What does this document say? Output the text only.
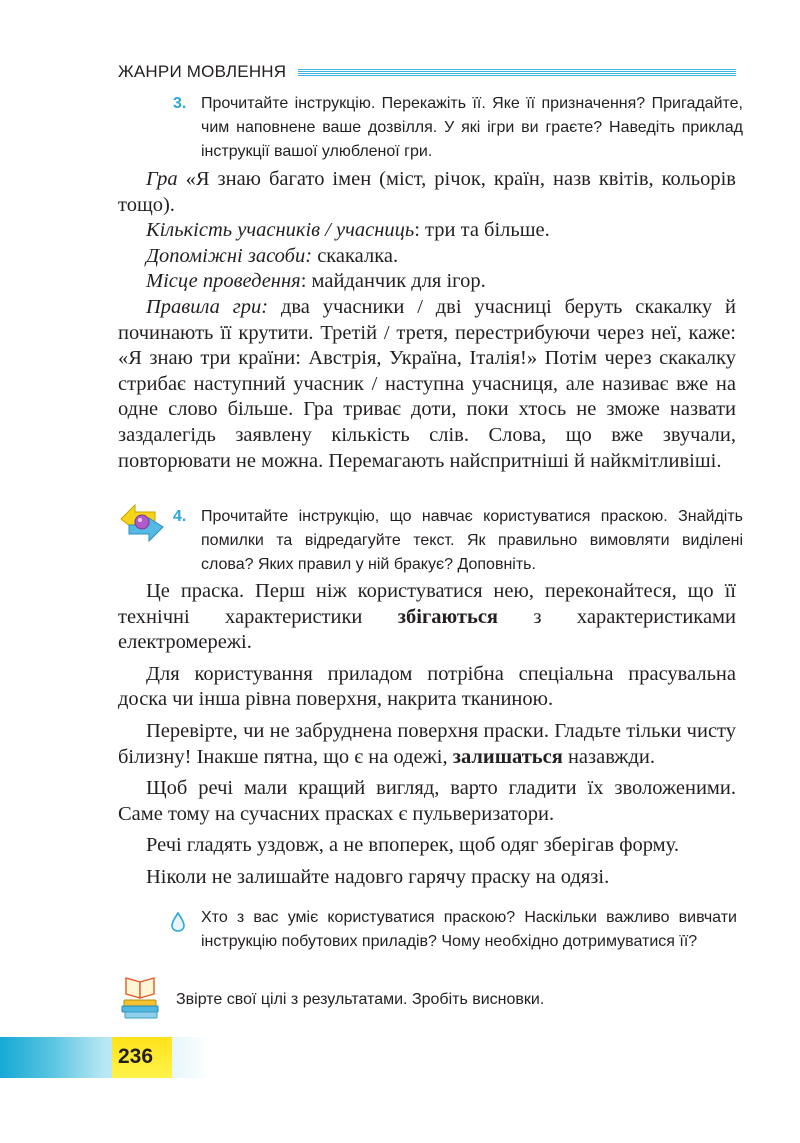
ЖАНРИ МОВЛЕННЯ
3. Прочитайте інструкцію. Перекажіть її. Яке її призначення? Пригадайте, чим наповнене ваше дозвілля. У які ігри ви граєте? Наведіть приклад інструкції вашої улюбленої гри.

Гра «Я знаю багато імен (міст, річок, країн, назв квітів, кольорів тощо).

Кількість учасників / учасниць: три та більше.

Допоміжні засоби: скакалка.

Місце проведення: майданчик для ігор.

Правила гри: два учасники / дві учасниці беруть скакалку й починають її крутити. Третій / третя, перестрибуючи через неї, каже: «Я знаю три країни: Австрія, Україна, Італія!» Потім через скакалку стрибає наступний учасник / наступна учасниця, але називає вже на одне слово більше. Гра триває доти, поки хтось не зможе назвати заздалегідь заявлену кількість слів. Слова, що вже звучали, повторювати не можна. Перемагають найспритніші й найкмітливіші.

4. Прочитайте інструкцію, що навчає користуватися праскою. Знайдіть помилки та відредагуйте текст. Як правильно вимовляти виділені слова? Яких правил у ній бракує? Доповніть.

Це праска. Перш ніж користуватися нею, переконайтеся, що її технічні характеристики збігаються з характеристиками електромережі.

Для користування приладом потрібна спеціальна прасувальна доска чи інша рівна поверхня, накрита тканиною.

Перевірте, чи не забруднена поверхня праски. Гладьте тільки чисту білизну! Інакше пятна, що є на одежі, залишаться назавжди.

Щоб речі мали кращий вигляд, варто гладити їх зволоженими. Саме тому на сучасних прасках є пульверизатори.

Речі гладять уздовж, а не впоперек, щоб одяг зберігав форму.

Ніколи не залишайте надовго гарячу праску на одязі.

Хто з вас уміє користуватися праскою? Наскільки важливо вивчати інструкцію побутових приладів? Чому необхідно дотримуватися її?
Звірте свої цілі з результатами. Зробіть висновки.
236
